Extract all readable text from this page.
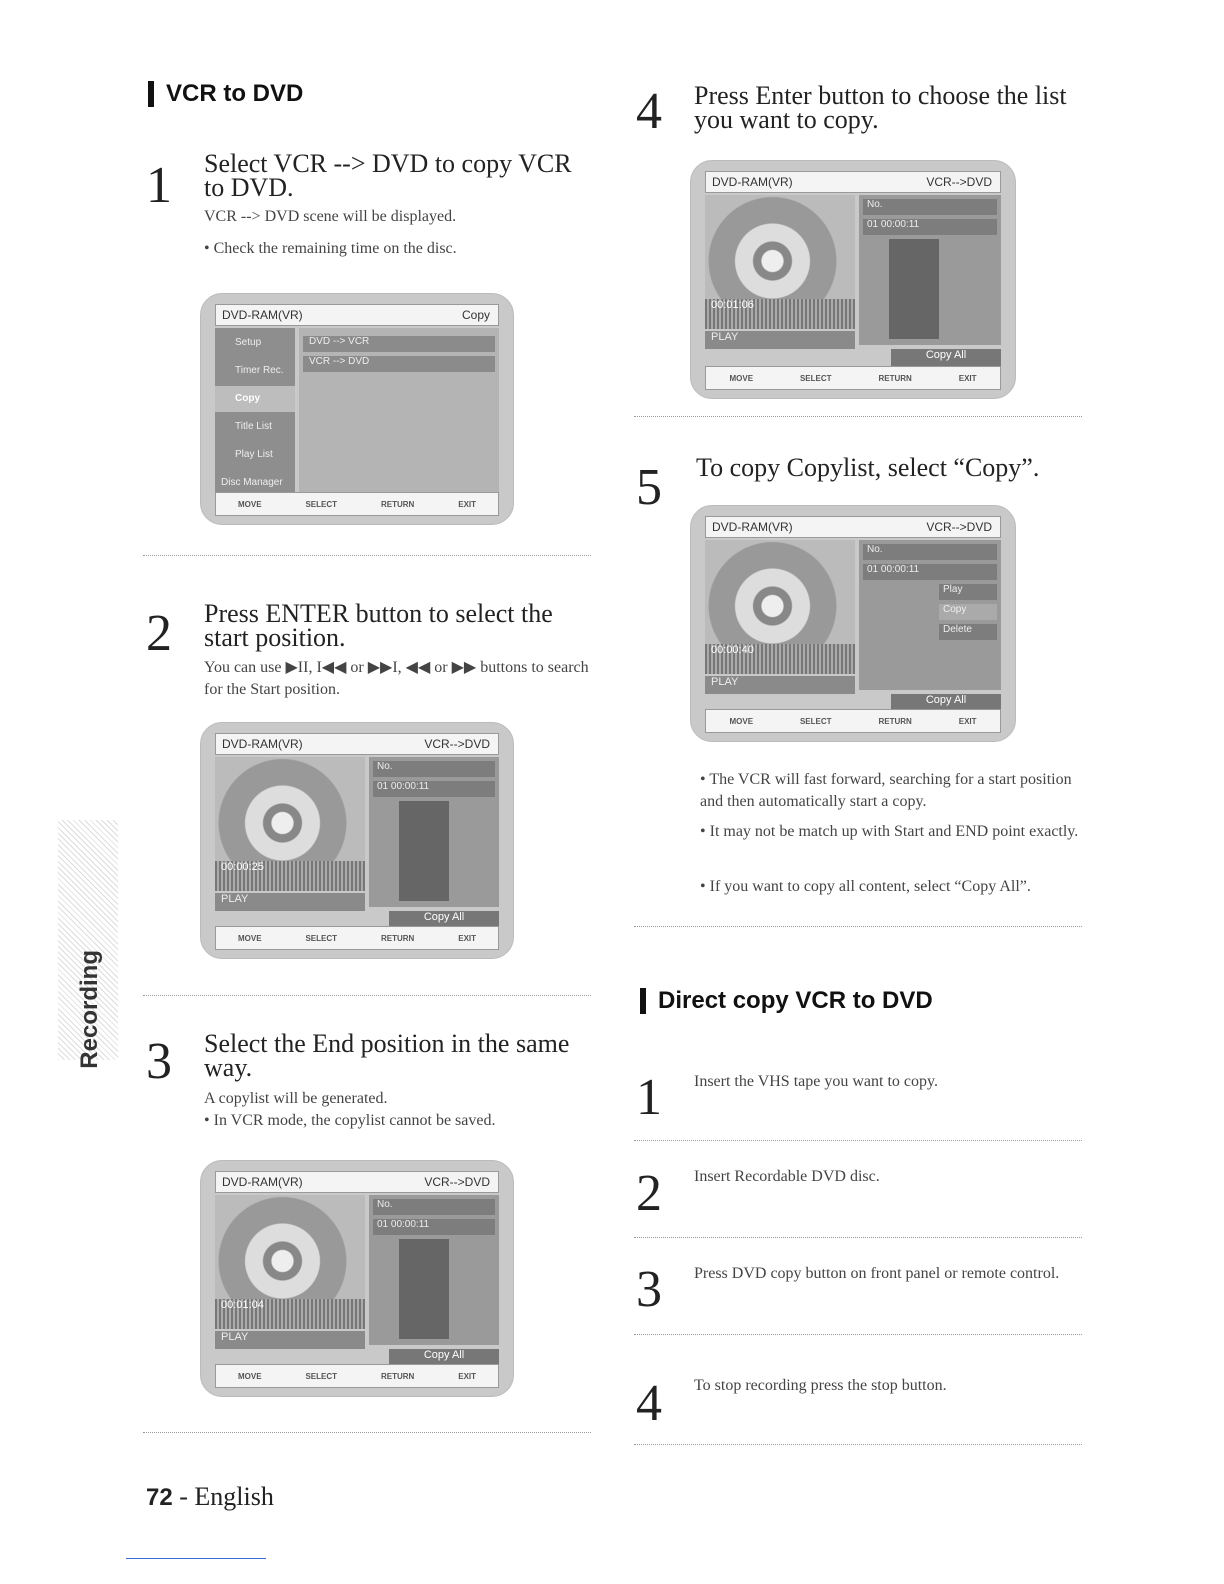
VCR to DVD
1 Select VCR --> DVD to copy VCR to DVD.
VCR --> DVD scene will be displayed.
• Check the remaining time on the disc.
DVD-RAM(VR)	Copy
Setup
Timer Rec.
Copy
Title List
Play List
Disc Manager
DVD --> VCR
VCR --> DVD
MOVE	SELECT	RETURN	EXIT
2 Press ENTER button to select the start position.
You can use ▶II, I◀◀ or ▶▶I, ◀◀ or ▶▶ buttons to search for the Start position.
DVD-RAM(VR)	VCR-->DVD
00:00:25
PLAY
No.
01 00:00:11
Copy All
MOVE	SELECT	RETURN	EXIT
3 Select the End position in the same way.
A copylist will be generated.
• In VCR mode, the copylist cannot be saved.
DVD-RAM(VR)	VCR-->DVD
00:01:04
PLAY
No.
01 00:00:11
Copy All
MOVE	SELECT	RETURN	EXIT
Recording
4 Press Enter button to choose the list you want to copy.
DVD-RAM(VR)	VCR-->DVD
00:01:06
PLAY
No.
01 00:00:11
Copy All
MOVE	SELECT	RETURN	EXIT
5 To copy Copylist, select “Copy”.
DVD-RAM(VR)	VCR-->DVD
00:00:40
PLAY
No.
01 00:00:11
Play
Copy
Delete
Copy All
MOVE	SELECT	RETURN	EXIT
• The VCR will fast forward, searching for a start position and then automatically start a copy.
• It may not be match up with Start and END point exactly.
• If you want to copy all content, select “Copy All”.
Direct copy VCR to DVD
1 Insert the VHS tape you want to copy.
2 Insert Recordable DVD disc.
3 Press DVD copy button on front panel or remote control.
4 To stop recording press the stop button.
72 - English
